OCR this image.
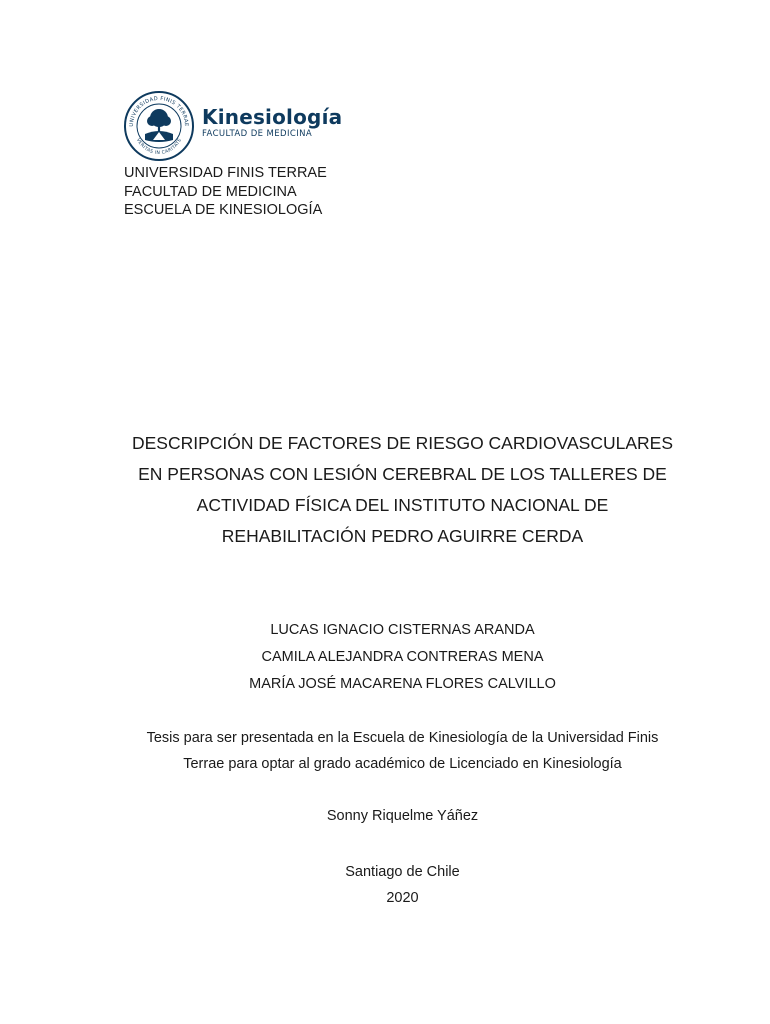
UNIVERSIDAD FINIS TERRAE
VERITAS IN CARITATE
Kinesiología
FACULTAD DE MEDICINA
UNIVERSIDAD FINIS TERRAE
FACULTAD DE MEDICINA
ESCUELA DE KINESIOLOGÍA
DESCRIPCIÓN DE FACTORES DE RIESGO CARDIOVASCULARES
EN PERSONAS CON LESIÓN CEREBRAL DE LOS TALLERES DE
ACTIVIDAD FÍSICA DEL INSTITUTO NACIONAL DE
REHABILITACIÓN PEDRO AGUIRRE CERDA
LUCAS IGNACIO CISTERNAS ARANDA
CAMILA ALEJANDRA CONTRERAS MENA
MARÍA JOSÉ MACARENA FLORES CALVILLO
Tesis para ser presentada en la Escuela de Kinesiología de la Universidad Finis
Terrae para optar al grado académico de Licenciado en Kinesiología
Sonny Riquelme Yáñez
Santiago de Chile
2020
